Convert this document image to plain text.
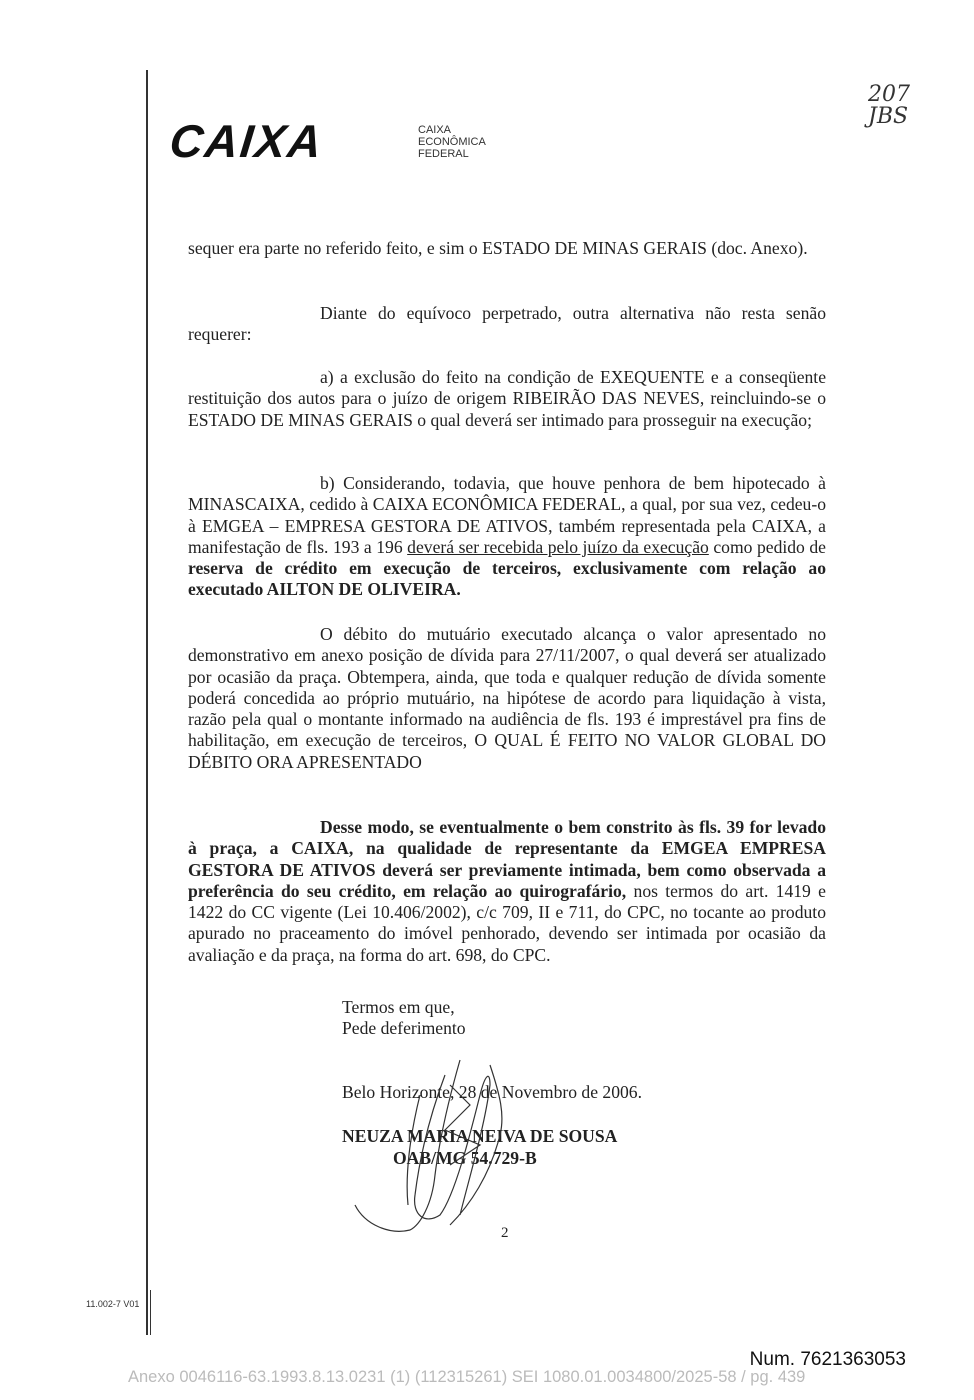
CAIXA	CAIXA
ECONÔMICA
FEDERAL
207
JBS
sequer era parte no referido feito, e sim o ESTADO DE MINAS GERAIS (doc. Anexo).
Diante do equívoco perpetrado, outra alternativa não resta senão requerer:
a) a exclusão do feito na condição de EXEQUENTE e a conseqüente restituição dos autos para o juízo de origem RIBEIRÃO DAS NEVES, reincluindo-se o ESTADO DE MINAS GERAIS o qual deverá ser intimado para prosseguir na execução;
b) Considerando, todavia, que houve penhora de bem hipotecado à MINASCAIXA, cedido à CAIXA ECONÔMICA FEDERAL, a qual, por sua vez, cedeu-o à EMGEA – EMPRESA GESTORA DE ATIVOS, também representada pela CAIXA, a manifestação de fls. 193 a 196 deverá ser recebida pelo juízo da execução como pedido de reserva de crédito em execução de terceiros, exclusivamente com relação ao executado AILTON DE OLIVEIRA.
O débito do mutuário executado alcança o valor apresentado no demonstrativo em anexo posição de dívida para 27/11/2007, o qual deverá ser atualizado por ocasião da praça. Obtempera, ainda, que toda e qualquer redução de dívida somente poderá concedida ao próprio mutuário, na hipótese de acordo para liquidação à vista, razão pela qual o montante informado na audiência de fls. 193 é imprestável pra fins de habilitação, em execução de terceiros, O QUAL É FEITO NO VALOR GLOBAL DO DÉBITO ORA APRESENTADO
Desse modo, se eventualmente o bem constrito às fls. 39 for levado à praça, a CAIXA, na qualidade de representante da EMGEA EMPRESA GESTORA DE ATIVOS deverá ser previamente intimada, bem como observada a preferência do seu crédito, em relação ao quirografário, nos termos do art. 1419 e 1422 do CC vigente (Lei 10.406/2002), c/c 709, II e 711, do CPC, no tocante ao produto apurado no praceamento do imóvel penhorado, devendo ser intimada por ocasião da avaliação e da praça, na forma do art. 698, do CPC.
Termos em que,
Pede deferimento
Belo Horizonte, 28 de Novembro de 2006.
NEUZA MARIA NEIVA DE SOUSA
OAB/MG 54.729-B
2
11.002-7 V01
Num. 7621363053
Anexo 0046116-63.1993.8.13.0231 (1) (112315261) SEI 1080.01.0034800/2025-58 / pg. 439
